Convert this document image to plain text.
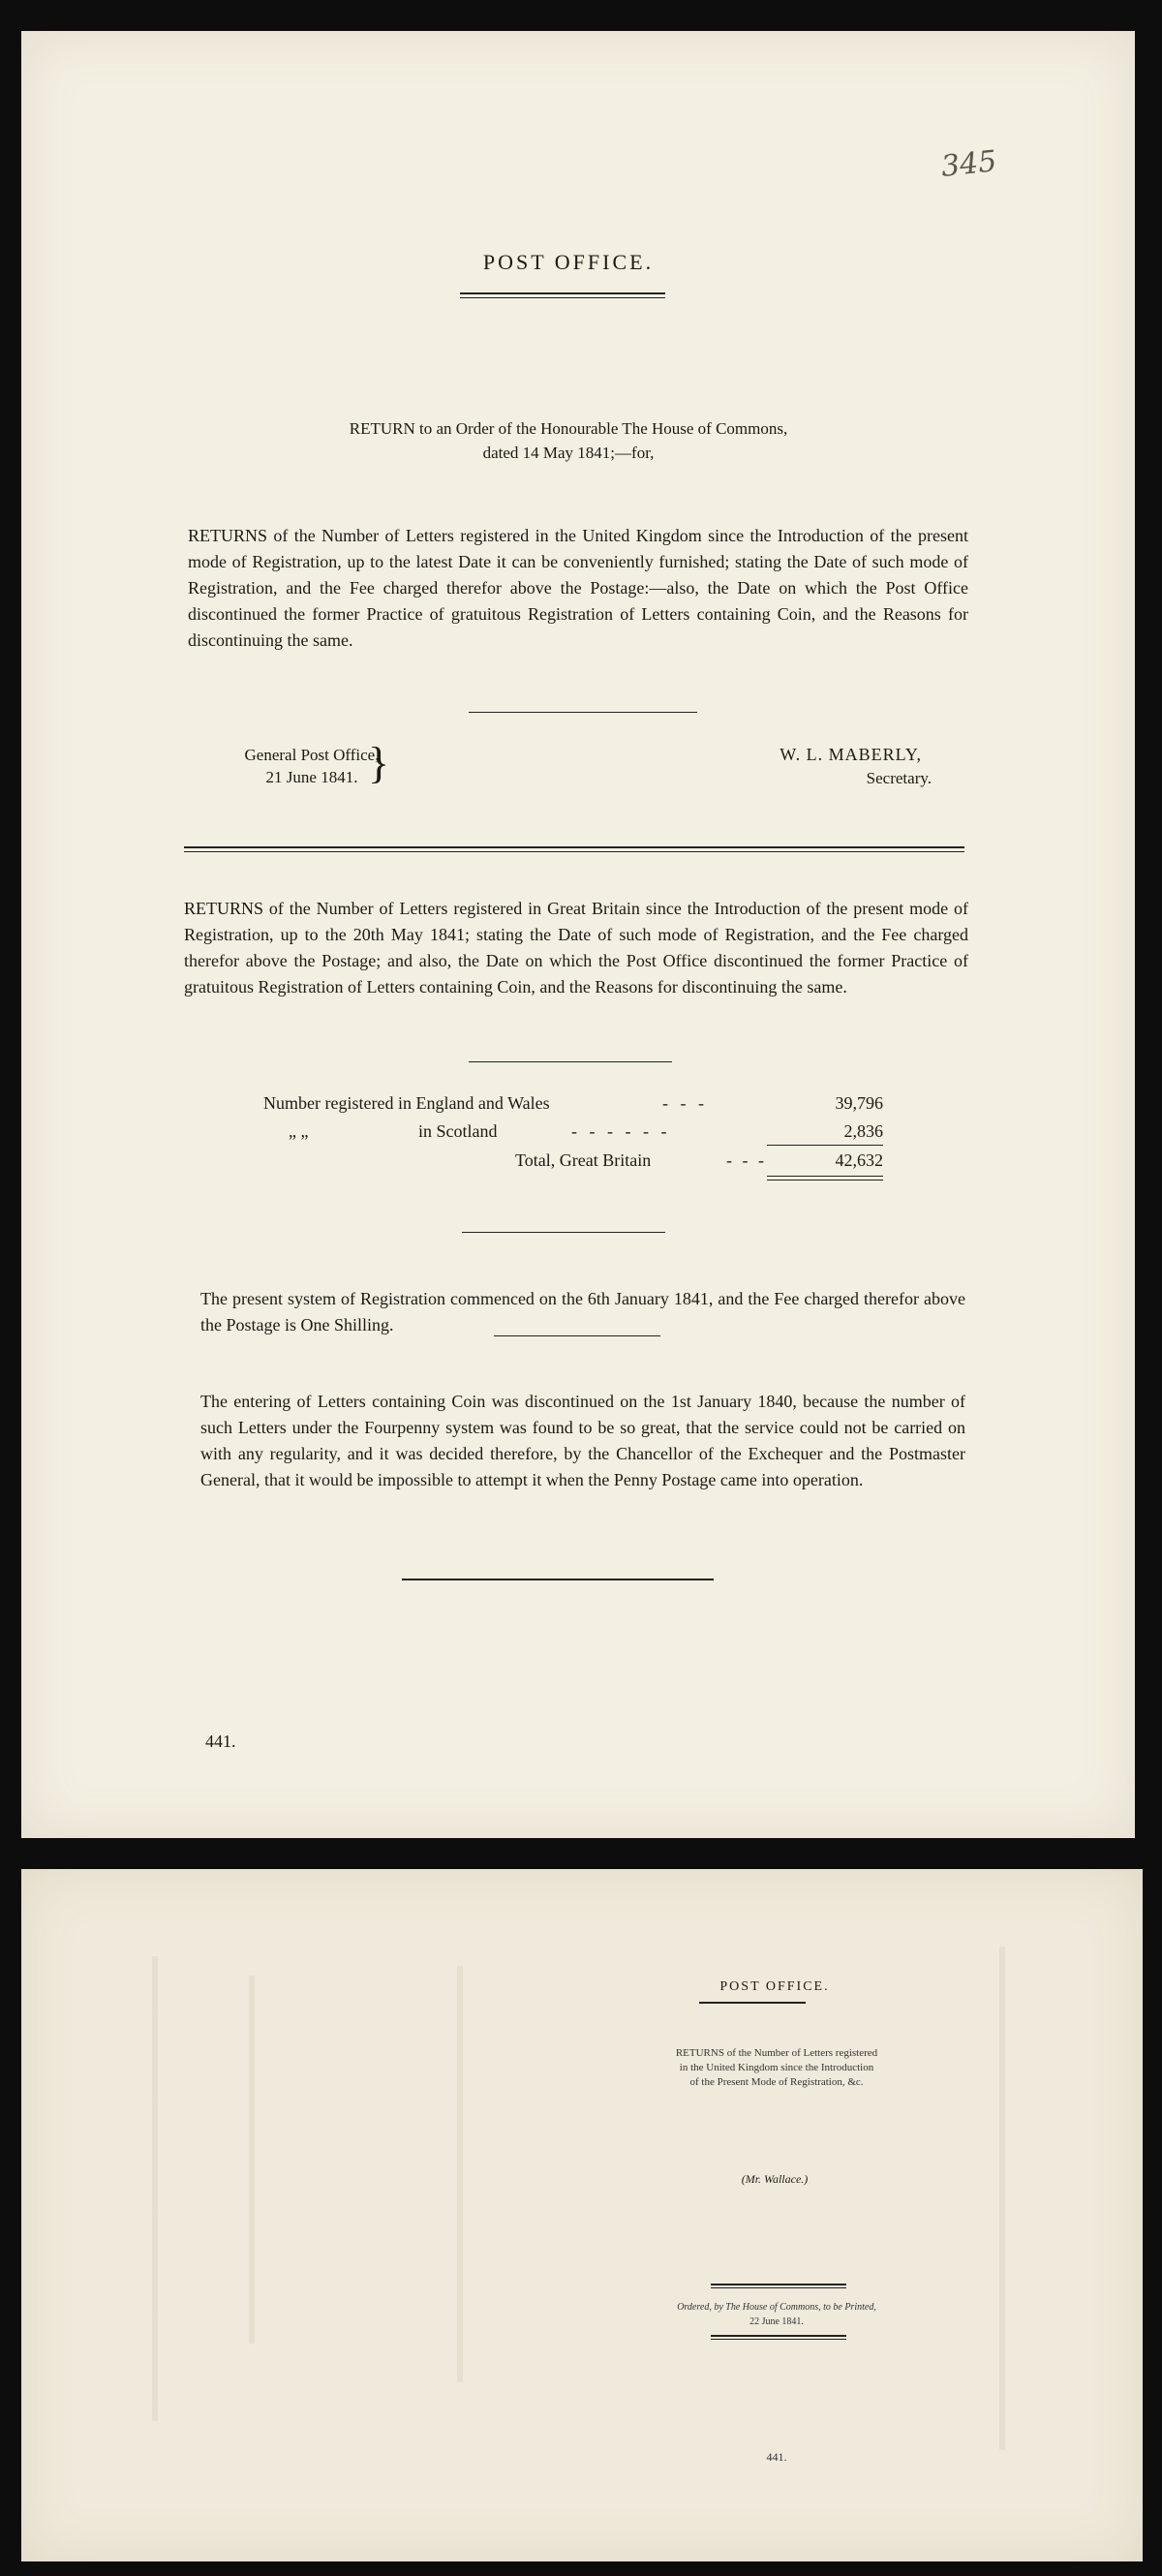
345
POST OFFICE.
RETURN to an Order of the Honourable The House of Commons,
dated 14 May 1841;—for,
RETURNS of the Number of Letters registered in the United Kingdom since the Introduction of the present mode of Registration, up to the latest Date it can be conveniently furnished; stating the Date of such mode of Registration, and the Fee charged therefor above the Postage:—also, the Date on which the Post Office discontinued the former Practice of gratuitous Registration of Letters containing Coin, and the Reasons for discontinuing the same.
General Post Office,
21 June 1841. }	W. L. MABERLY,
Secretary.
RETURNS of the Number of Letters registered in Great Britain since the Introduction of the present mode of Registration, up to the 20th May 1841; stating the Date of such mode of Registration, and the Fee charged therefor above the Postage; and also, the Date on which the Post Office discontinued the former Practice of gratuitous Registration of Letters containing Coin, and the Reasons for discontinuing the same.
Number registered in England and Wales	- - -	39,796
„ „	in Scotland	- - - - - -	2,836
Total, Great Britain	- - -	42,632
The present system of Registration commenced on the 6th January 1841, and the Fee charged therefor above the Postage is One Shilling.
The entering of Letters containing Coin was discontinued on the 1st January 1840, because the number of such Letters under the Fourpenny system was found to be so great, that the service could not be carried on with any regularity, and it was decided therefore, by the Chancellor of the Exchequer and the Postmaster General, that it would be impossible to attempt it when the Penny Postage came into operation.
441.
POST OFFICE.
RETURNS of the Number of Letters registered
in the United Kingdom since the Introduction
of the Present Mode of Registration, &c.
(Mr. Wallace.)
Ordered, by The House of Commons, to be Printed,
22 June 1841.
441.
